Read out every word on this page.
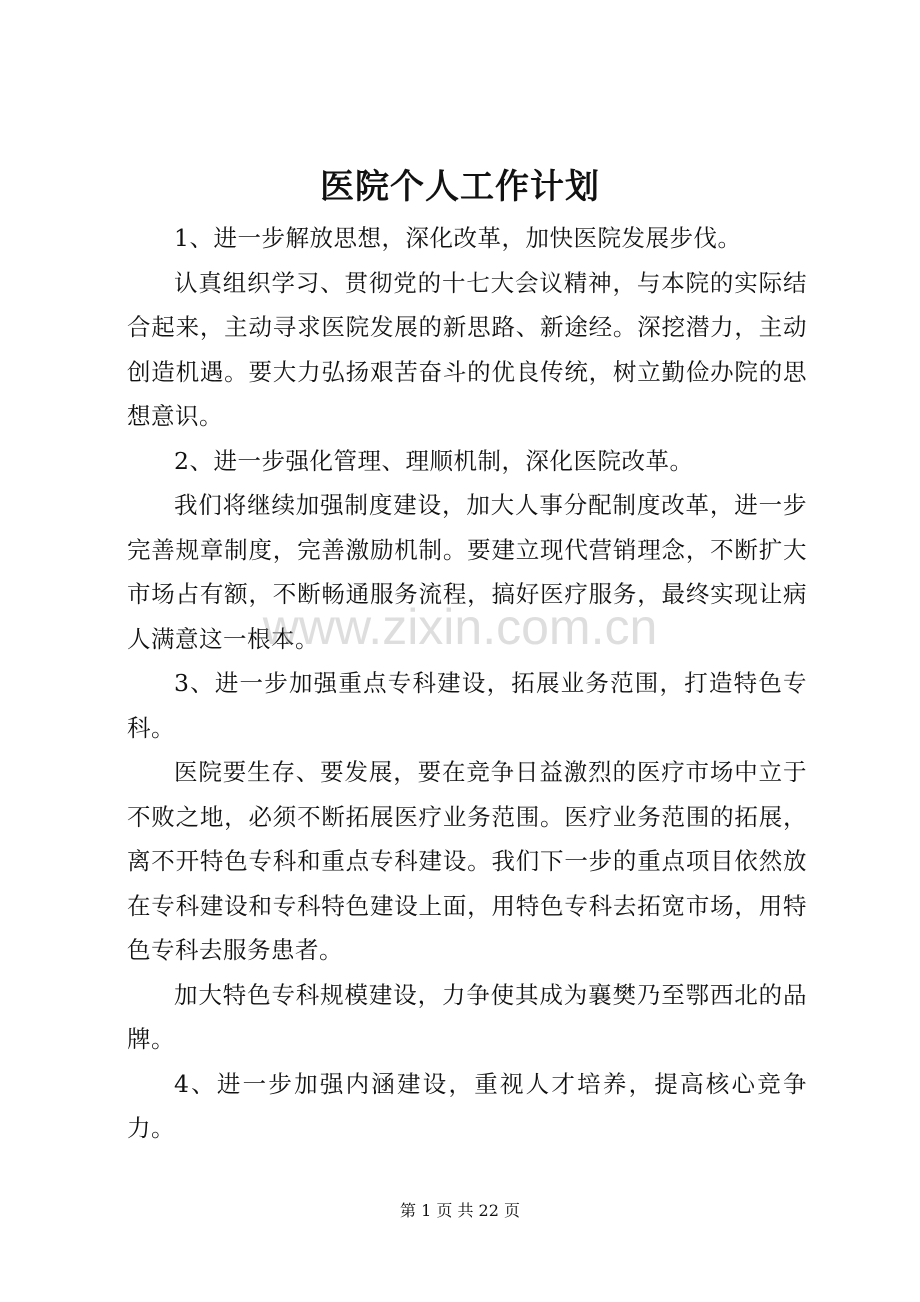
医院个人工作计划

1、进一步解放思想，深化改革，加快医院发展步伐。

认真组织学习、贯彻党的十七大会议精神，与本院的实际结合起来，主动寻求医院发展的新思路、新途经。深挖潜力，主动创造机遇。要大力弘扬艰苦奋斗的优良传统，树立勤俭办院的思想意识。

2、进一步强化管理、理顺机制，深化医院改革。

我们将继续加强制度建设，加大人事分配制度改革，进一步完善规章制度，完善激励机制。要建立现代营销理念，不断扩大市场占有额，不断畅通服务流程，搞好医疗服务，最终实现让病人满意这一根本。

3、进一步加强重点专科建设，拓展业务范围，打造特色专科。

医院要生存、要发展，要在竞争日益激烈的医疗市场中立于不败之地，必须不断拓展医疗业务范围。医疗业务范围的拓展，离不开特色专科和重点专科建设。我们下一步的重点项目依然放在专科建设和专科特色建设上面，用特色专科去拓宽市场，用特色专科去服务患者。

加大特色专科规模建设，力争使其成为襄樊乃至鄂西北的品牌。

4、进一步加强内涵建设，重视人才培养，提高核心竞争力。

www.zixin.com.cn
第 1 页 共 22 页
